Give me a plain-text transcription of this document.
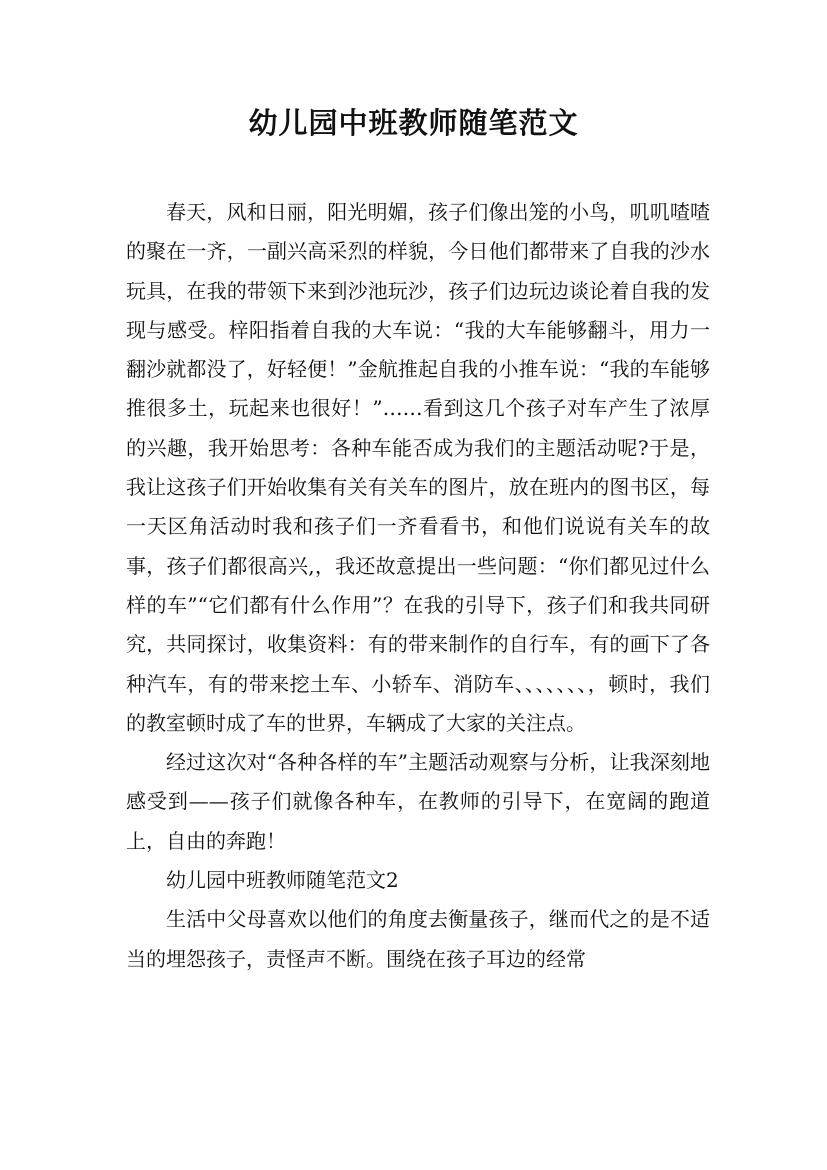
幼儿园中班教师随笔范文

春天，风和日丽，阳光明媚，孩子们像出笼的小鸟，叽叽喳喳的聚在一齐，一副兴高采烈的样貌，今日他们都带来了自我的沙水玩具，在我的带领下来到沙池玩沙，孩子们边玩边谈论着自我的发现与感受。梓阳指着自我的大车说：“我的大车能够翻斗，用力一翻沙就都没了，好轻便！”金航推起自我的小推车说：“我的车能够推很多土，玩起来也很好！”……看到这几个孩子对车产生了浓厚的兴趣，我开始思考：各种车能否成为我们的主题活动呢?于是，我让这孩子们开始收集有关有关车的图片，放在班内的图书区，每一天区角活动时我和孩子们一齐看看书，和他们说说有关车的故事，孩子们都很高兴,，我还故意提出一些问题：“你们都见过什么样的车”“它们都有什么作用”？在我的引导下，孩子们和我共同研究，共同探讨，收集资料：有的带来制作的自行车，有的画下了各种汽车，有的带来挖土车、小轿车、消防车、、、、、、、，顿时，我们的教室顿时成了车的世界，车辆成了大家的关注点。

经过这次对“各种各样的车”主题活动观察与分析，让我深刻地感受到——孩子们就像各种车，在教师的引导下，在宽阔的跑道上，自由的奔跑！

幼儿园中班教师随笔范文2

生活中父母喜欢以他们的角度去衡量孩子，继而代之的是不适当的埋怨孩子，责怪声不断。围绕在孩子耳边的经常
